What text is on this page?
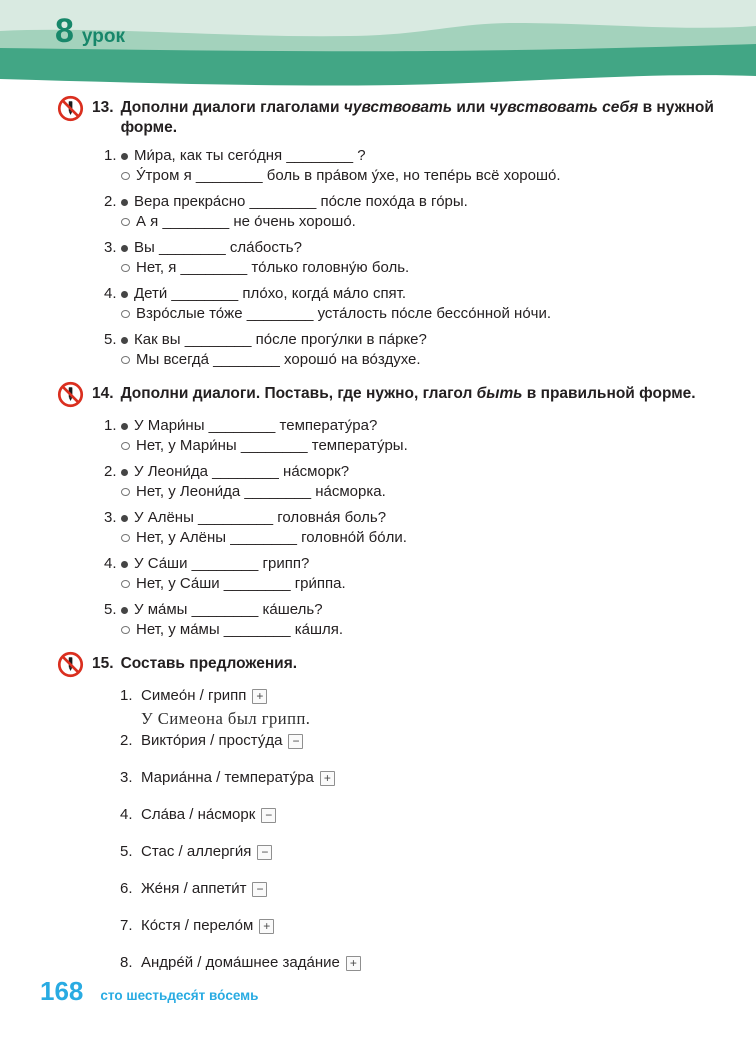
8 урок
13. Дополни диалоги глаголами чувствовать или чувствовать себя в нужной форме.
1. Ми́ра, как ты сего́дня ________ ?
У́тром я ________ боль в пра́вом у́хе, но тепе́рь всё хорошо́.
2. Вера прекра́сно ________ по́сле похо́да в го́ры.
А я ________ не о́чень хорошо́.
3. Вы ________ сла́бость?
Нет, я ________ то́лько головну́ю боль.
4. Дети́ ________ пло́хо, когда́ ма́ло спят.
Взро́слые то́же ________ уста́лость по́сле бессо́нной но́чи.
5. Как вы ________ по́сле прогу́лки в па́рке?
Мы всегда́ ________ хорошо́ на во́здухе.
14. Дополни диалоги. Поставь, где нужно, глагол быть в правильной форме.
1. У Мари́ны ________ температу́ра?
Нет, у Мари́ны ________ температу́ры.
2. У Леони́да ________ на́сморк?
Нет, у Леони́да ________ на́сморка.
3. У Алёны _________ головна́я боль?
Нет, у Алёны ________ головно́й бо́ли.
4. У Са́ши ________ грипп?
Нет, у Са́ши ________ гри́ппа.
5. У ма́мы ________ ка́шель?
Нет, у ма́мы ________ ка́шля.
15. Составь предложения.
1. Симео́н / грипп +
У Симеона был грипп.
2. Викто́рия / просту́да −
3. Мариа́нна / температу́ра +
4. Сла́ва / на́сморк −
5. Стас / аллерги́я −
6. Же́ня / аппети́т −
7. Ко́стя / перело́м +
8. Андре́й / дома́шнее зада́ние +
168 сто шестьдеся́т во́семь
